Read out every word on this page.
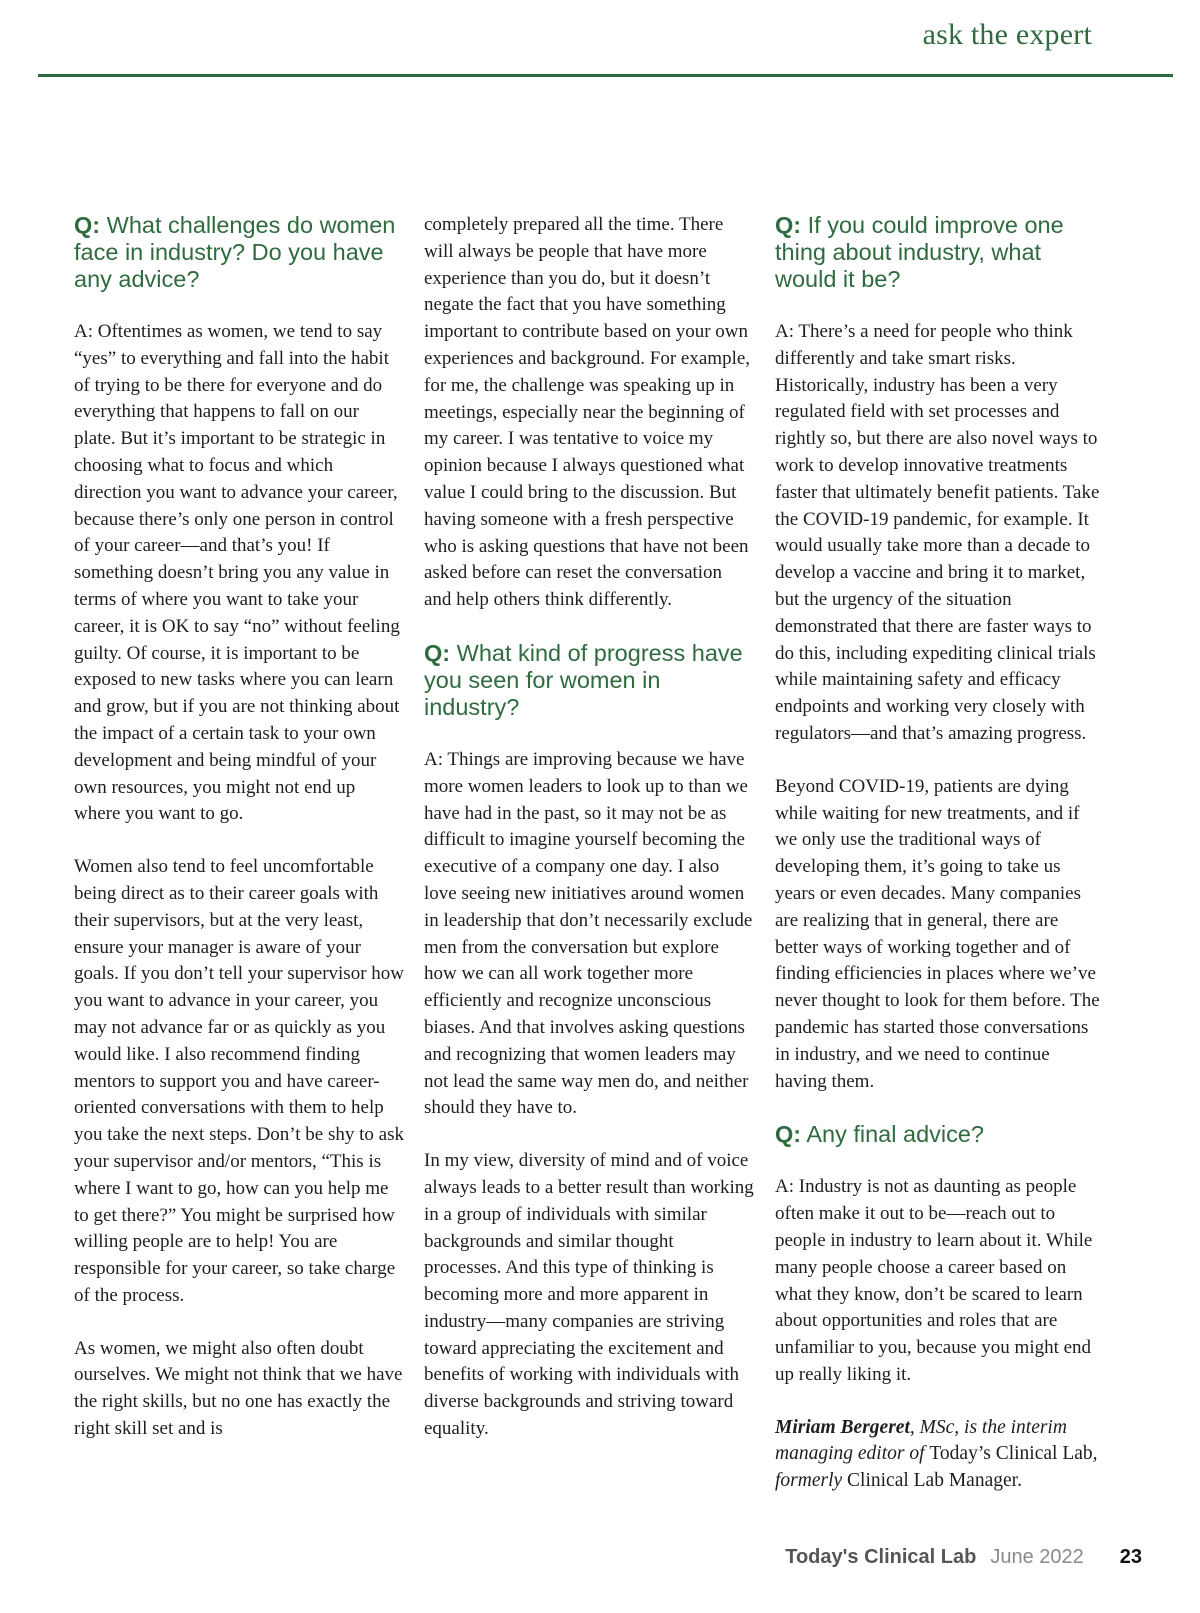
ask the expert
Q: What challenges do women face in industry? Do you have any advice?

A: Oftentimes as women, we tend to say “yes” to everything and fall into the habit of trying to be there for everyone and do everything that happens to fall on our plate. But it’s important to be strategic in choosing what to focus and which direction you want to advance your career, because there’s only one person in control of your career—and that’s you! If something doesn’t bring you any value in terms of where you want to take your career, it is OK to say “no” without feeling guilty. Of course, it is important to be exposed to new tasks where you can learn and grow, but if you are not thinking about the impact of a certain task to your own development and being mindful of your own resources, you might not end up where you want to go.

Women also tend to feel uncomfortable being direct as to their career goals with their supervisors, but at the very least, ensure your manager is aware of your goals. If you don’t tell your supervisor how you want to advance in your career, you may not advance far or as quickly as you would like. I also recommend finding mentors to support you and have career-oriented conversations with them to help you take the next steps. Don’t be shy to ask your supervisor and/or mentors, “This is where I want to go, how can you help me to get there?” You might be surprised how willing people are to help! You are responsible for your career, so take charge of the process.

As women, we might also often doubt ourselves. We might not think that we have the right skills, but no one has exactly the right skill set and is

completely prepared all the time. There will always be people that have more experience than you do, but it doesn’t negate the fact that you have something important to contribute based on your own experiences and background. For example, for me, the challenge was speaking up in meetings, especially near the beginning of my career. I was tentative to voice my opinion because I always questioned what value I could bring to the discussion. But having someone with a fresh perspective who is asking questions that have not been asked before can reset the conversation and help others think differently.

Q: What kind of progress have you seen for women in industry?

A: Things are improving because we have more women leaders to look up to than we have had in the past, so it may not be as difficult to imagine yourself becoming the executive of a company one day. I also love seeing new initiatives around women in leadership that don’t necessarily exclude men from the conversation but explore how we can all work together more efficiently and recognize unconscious biases. And that involves asking questions and recognizing that women leaders may not lead the same way men do, and neither should they have to.

In my view, diversity of mind and of voice always leads to a better result than working in a group of individuals with similar backgrounds and similar thought processes. And this type of thinking is becoming more and more apparent in industry—many companies are striving toward appreciating the excitement and benefits of working with individuals with diverse backgrounds and striving toward equality.

Q: If you could improve one thing about industry, what would it be?

A: There’s a need for people who think differently and take smart risks. Historically, industry has been a very regulated field with set processes and rightly so, but there are also novel ways to work to develop innovative treatments faster that ultimately benefit patients. Take the COVID-19 pandemic, for example. It would usually take more than a decade to develop a vaccine and bring it to market, but the urgency of the situation demonstrated that there are faster ways to do this, including expediting clinical trials while maintaining safety and efficacy endpoints and working very closely with regulators—and that’s amazing progress.

Beyond COVID-19, patients are dying while waiting for new treatments, and if we only use the traditional ways of developing them, it’s going to take us years or even decades. Many companies are realizing that in general, there are better ways of working together and of finding efficiencies in places where we’ve never thought to look for them before. The pandemic has started those conversations in industry, and we need to continue having them.

Q: Any final advice?

A: Industry is not as daunting as people often make it out to be—reach out to people in industry to learn about it. While many people choose a career based on what they know, don’t be scared to learn about opportunities and roles that are unfamiliar to you, because you might end up really liking it.

Miriam Bergeret, MSc, is the interim managing editor of Today’s Clinical Lab, formerly Clinical Lab Manager.

Today's Clinical Lab June 2022 23
